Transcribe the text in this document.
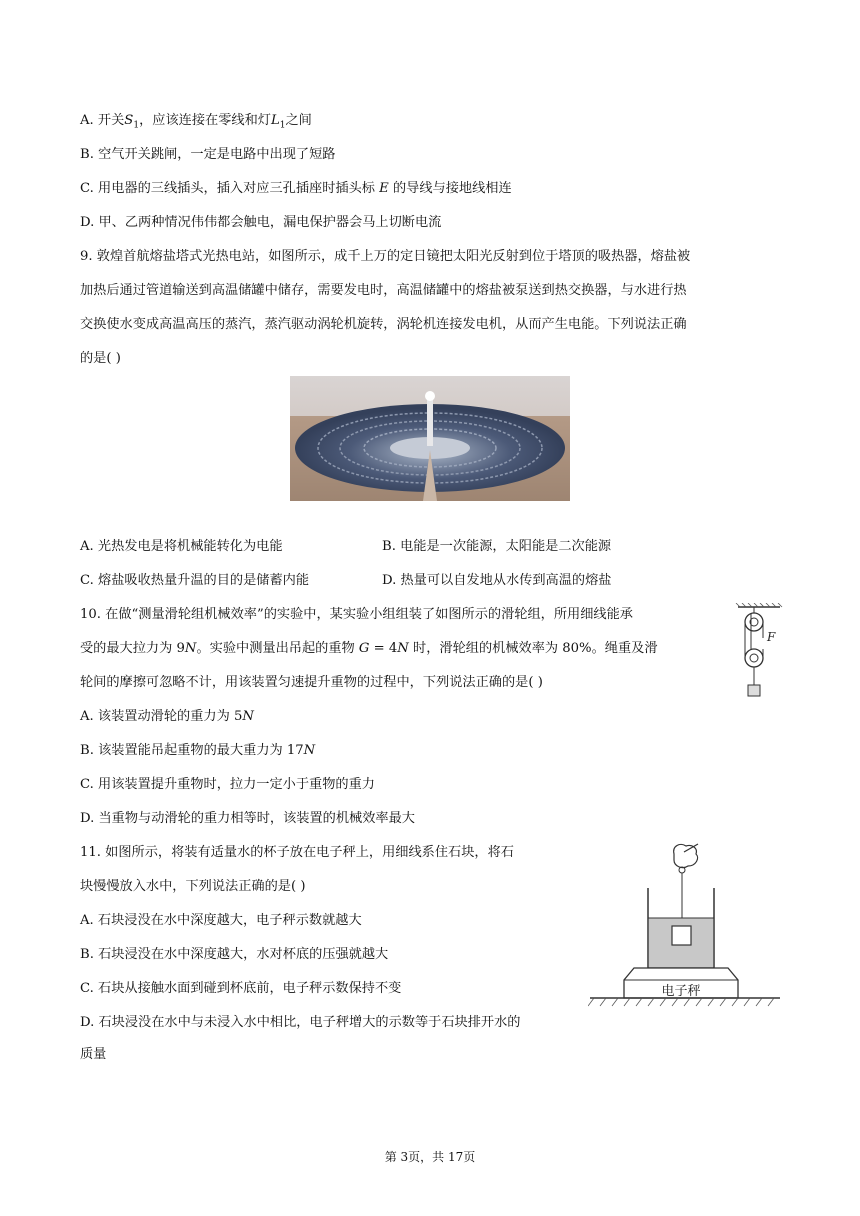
A. 开关$S_1$，应该连接在零线和灯$L_1$之间
B. 空气开关跳闸，一定是电路中出现了短路
C. 用电器的三线插头，插入对应三孔插座时插头标 E 的导线与接地线相连
D. 甲、乙两种情况伟伟都会触电，漏电保护器会马上切断电流
9. 敦煌首航熔盐塔式光热电站，如图所示，成千上万的定日镜把太阳光反射到位于塔顶的吸热器，熔盐被
加热后通过管道输送到高温储罐中储存，需要发电时，高温储罐中的熔盐被泵送到热交换器，与水进行热
交换使水变成高温高压的蒸汽，蒸汽驱动涡轮机旋转，涡轮机连接发电机，从而产生电能。下列说法正确
的是( )
A. 光热发电是将机械能转化为电能	B. 电能是一次能源，太阳能是二次能源
C. 熔盐吸收热量升温的目的是储蓄内能	D. 热量可以自发地从水传到高温的熔盐
10. 在做“测量滑轮组机械效率”的实验中，某实验小组组装了如图所示的滑轮组，所用细线能承
受的最大拉力为 9N。实验中测量出吊起的重物 G = 4N 时，滑轮组的机械效率为 80%。绳重及滑
轮间的摩擦可忽略不计，用该装置匀速提升重物的过程中，下列说法正确的是( )
A. 该装置动滑轮的重力为 5N
B. 该装置能吊起重物的最大重力为 17N
C. 用该装置提升重物时，拉力一定小于重物的重力
D. 当重物与动滑轮的重力相等时，该装置的机械效率最大
F
11. 如图所示，将装有适量水的杯子放在电子秤上，用细线系住石块，将石
块慢慢放入水中，下列说法正确的是( )
A. 石块浸没在水中深度越大，电子秤示数就越大
B. 石块浸没在水中深度越大，水对杯底的压强就越大
C. 石块从接触水面到碰到杯底前，电子秤示数保持不变
D. 石块浸没在水中与未浸入水中相比，电子秤增大的示数等于石块排开水的
质量
电子秤
第 3页，共 17页
